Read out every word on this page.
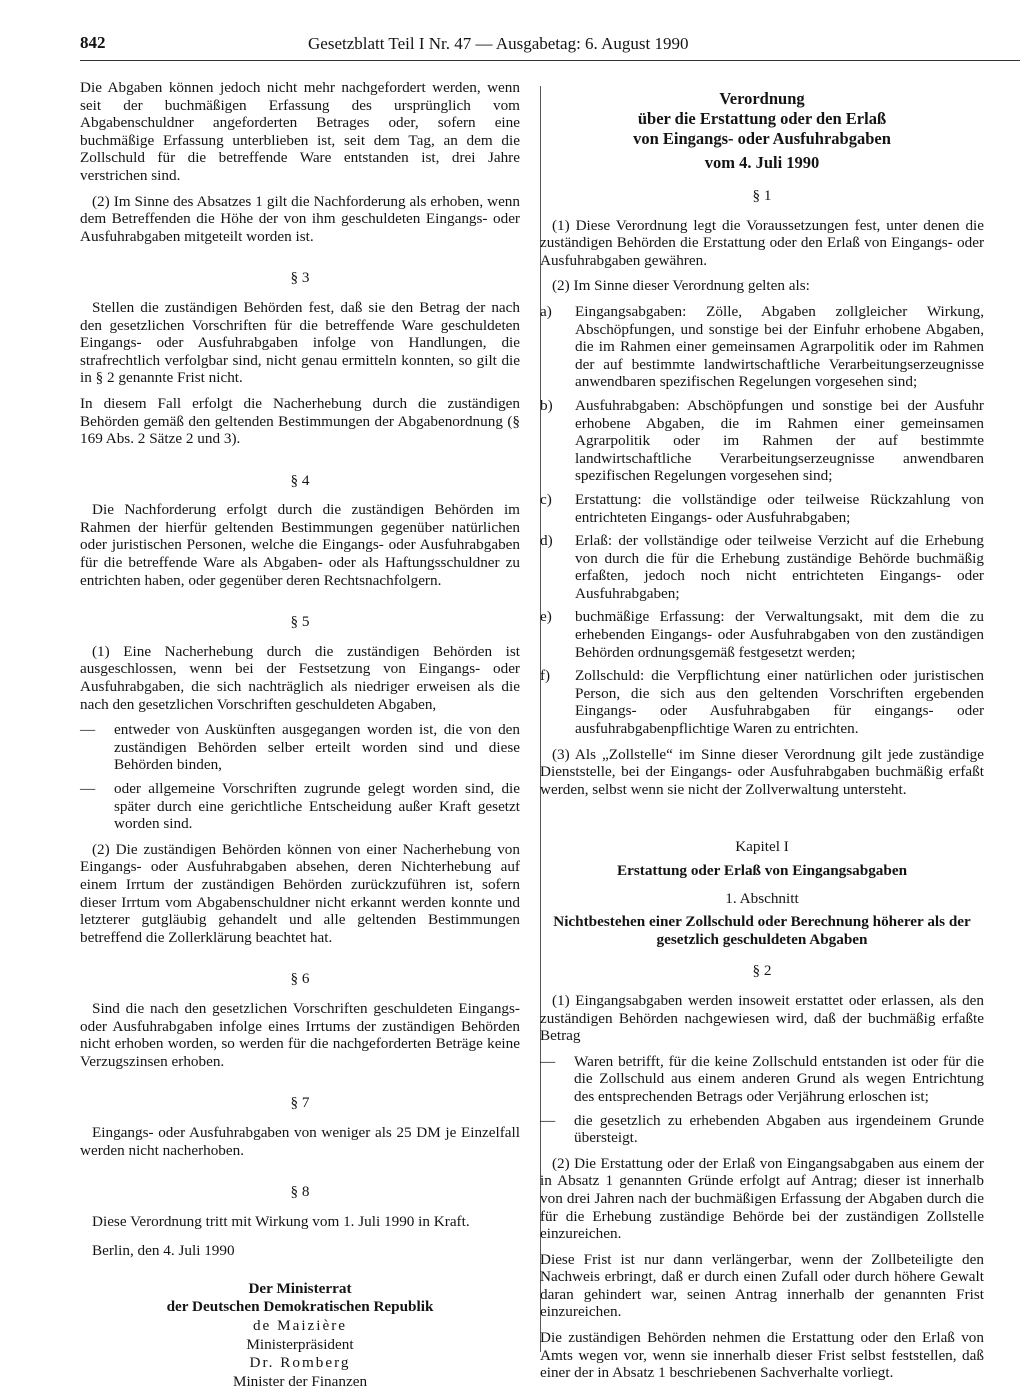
842	Gesetzblatt Teil I Nr. 47 — Ausgabetag: 6. August 1990

Die Abgaben können jedoch nicht mehr nachgefordert werden, wenn seit der buchmäßigen Erfassung des ursprünglich vom Abgabenschuldner angeforderten Betrages oder, sofern eine buchmäßige Erfassung unterblieben ist, seit dem Tag, an dem die Zollschuld für die betreffende Ware entstanden ist, drei Jahre verstrichen sind.

(2) Im Sinne des Absatzes 1 gilt die Nachforderung als erhoben, wenn dem Betreffenden die Höhe der von ihm geschuldeten Eingangs- oder Ausfuhrabgaben mitgeteilt worden ist.

§ 3

Stellen die zuständigen Behörden fest, daß sie den Betrag der nach den gesetzlichen Vorschriften für die betreffende Ware geschuldeten Eingangs- oder Ausfuhrabgaben infolge von Handlungen, die strafrechtlich verfolgbar sind, nicht genau ermitteln konnten, so gilt die in § 2 genannte Frist nicht.

In diesem Fall erfolgt die Nacherhebung durch die zuständigen Behörden gemäß den geltenden Bestimmungen der Abgabenordnung (§ 169 Abs. 2 Sätze 2 und 3).

§ 4

Die Nachforderung erfolgt durch die zuständigen Behörden im Rahmen der hierfür geltenden Bestimmungen gegenüber natürlichen oder juristischen Personen, welche die Eingangs- oder Ausfuhrabgaben für die betreffende Ware als Abgaben- oder als Haftungsschuldner zu entrichten haben, oder gegenüber deren Rechtsnachfolgern.

§ 5

(1) Eine Nacherhebung durch die zuständigen Behörden ist ausgeschlossen, wenn bei der Festsetzung von Eingangs- oder Ausfuhrabgaben, die sich nachträglich als niedriger erweisen als die nach den gesetzlichen Vorschriften geschuldeten Abgaben,

— entweder von Auskünften ausgegangen worden ist, die von den zuständigen Behörden selber erteilt worden sind und diese Behörden binden,
— oder allgemeine Vorschriften zugrunde gelegt worden sind, die später durch eine gerichtliche Entscheidung außer Kraft gesetzt worden sind.

(2) Die zuständigen Behörden können von einer Nacherhebung von Eingangs- oder Ausfuhrabgaben absehen, deren Nichterhebung auf einem Irrtum der zuständigen Behörden zurückzuführen ist, sofern dieser Irrtum vom Abgabenschuldner nicht erkannt werden konnte und letzterer gutgläubig gehandelt und alle geltenden Bestimmungen betreffend die Zollerklärung beachtet hat.

§ 6

Sind die nach den gesetzlichen Vorschriften geschuldeten Eingangs- oder Ausfuhrabgaben infolge eines Irrtums der zuständigen Behörden nicht erhoben worden, so werden für die nachgeforderten Beträge keine Verzugszinsen erhoben.

§ 7

Eingangs- oder Ausfuhrabgaben von weniger als 25 DM je Einzelfall werden nicht nacherhoben.

§ 8

Diese Verordnung tritt mit Wirkung vom 1. Juli 1990 in Kraft.

Berlin, den 4. Juli 1990

Der Ministerrat
der Deutschen Demokratischen Republik
de Maizière
Ministerpräsident
Dr. Romberg
Minister der Finanzen
Verordnung
über die Erstattung oder den Erlaß
von Eingangs- oder Ausfuhrabgaben
vom 4. Juli 1990
§ 1

(1) Diese Verordnung legt die Voraussetzungen fest, unter denen die zuständigen Behörden die Erstattung oder den Erlaß von Eingangs- oder Ausfuhrabgaben gewähren.

(2) Im Sinne dieser Verordnung gelten als:

a) Eingangsabgaben: Zölle, Abgaben zollgleicher Wirkung, Abschöpfungen, und sonstige bei der Einfuhr erhobene Abgaben, die im Rahmen einer gemeinsamen Agrarpolitik oder im Rahmen der auf bestimmte landwirtschaftliche Verarbeitungserzeugnisse anwendbaren spezifischen Regelungen vorgesehen sind;
b) Ausfuhrabgaben: Abschöpfungen und sonstige bei der Ausfuhr erhobene Abgaben, die im Rahmen einer gemeinsamen Agrarpolitik oder im Rahmen der auf bestimmte landwirtschaftliche Verarbeitungserzeugnisse anwendbaren spezifischen Regelungen vorgesehen sind;
c) Erstattung: die vollständige oder teilweise Rückzahlung von entrichteten Eingangs- oder Ausfuhrabgaben;
d) Erlaß: der vollständige oder teilweise Verzicht auf die Erhebung von durch die für die Erhebung zuständige Behörde buchmäßig erfaßten, jedoch noch nicht entrichteten Eingangs- oder Ausfuhrabgaben;
e) buchmäßige Erfassung: der Verwaltungsakt, mit dem die zu erhebenden Eingangs- oder Ausfuhrabgaben von den zuständigen Behörden ordnungsgemäß festgesetzt werden;
f) Zollschuld: die Verpflichtung einer natürlichen oder juristischen Person, die sich aus den geltenden Vorschriften ergebenden Eingangs- oder Ausfuhrabgaben für eingangs- oder ausfuhrabgabenpflichtige Waren zu entrichten.

(3) Als „Zollstelle“ im Sinne dieser Verordnung gilt jede zuständige Dienststelle, bei der Eingangs- oder Ausfuhrabgaben buchmäßig erfaßt werden, selbst wenn sie nicht der Zollverwaltung untersteht.

Kapitel I
Erstattung oder Erlaß von Eingangsabgaben
1. Abschnitt
Nichtbestehen einer Zollschuld oder Berechnung höherer als der gesetzlich geschuldeten Abgaben
§ 2

(1) Eingangsabgaben werden insoweit erstattet oder erlassen, als den zuständigen Behörden nachgewiesen wird, daß der buchmäßig erfaßte Betrag

— Waren betrifft, für die keine Zollschuld entstanden ist oder für die die Zollschuld aus einem anderen Grund als wegen Entrichtung des entsprechenden Betrags oder Verjährung erloschen ist;
— die gesetzlich zu erhebenden Abgaben aus irgendeinem Grunde übersteigt.

(2) Die Erstattung oder der Erlaß von Eingangsabgaben aus einem der in Absatz 1 genannten Gründe erfolgt auf Antrag; dieser ist innerhalb von drei Jahren nach der buchmäßigen Erfassung der Abgaben durch die für die Erhebung zuständige Behörde bei der zuständigen Zollstelle einzureichen.

Diese Frist ist nur dann verlängerbar, wenn der Zollbeteiligte den Nachweis erbringt, daß er durch einen Zufall oder durch höhere Gewalt daran gehindert war, seinen Antrag innerhalb der genannten Frist einzureichen.

Die zuständigen Behörden nehmen die Erstattung oder den Erlaß von Amts wegen vor, wenn sie innerhalb dieser Frist selbst feststellen, daß einer der in Absatz 1 beschriebenen Sachverhalte vorliegt.
